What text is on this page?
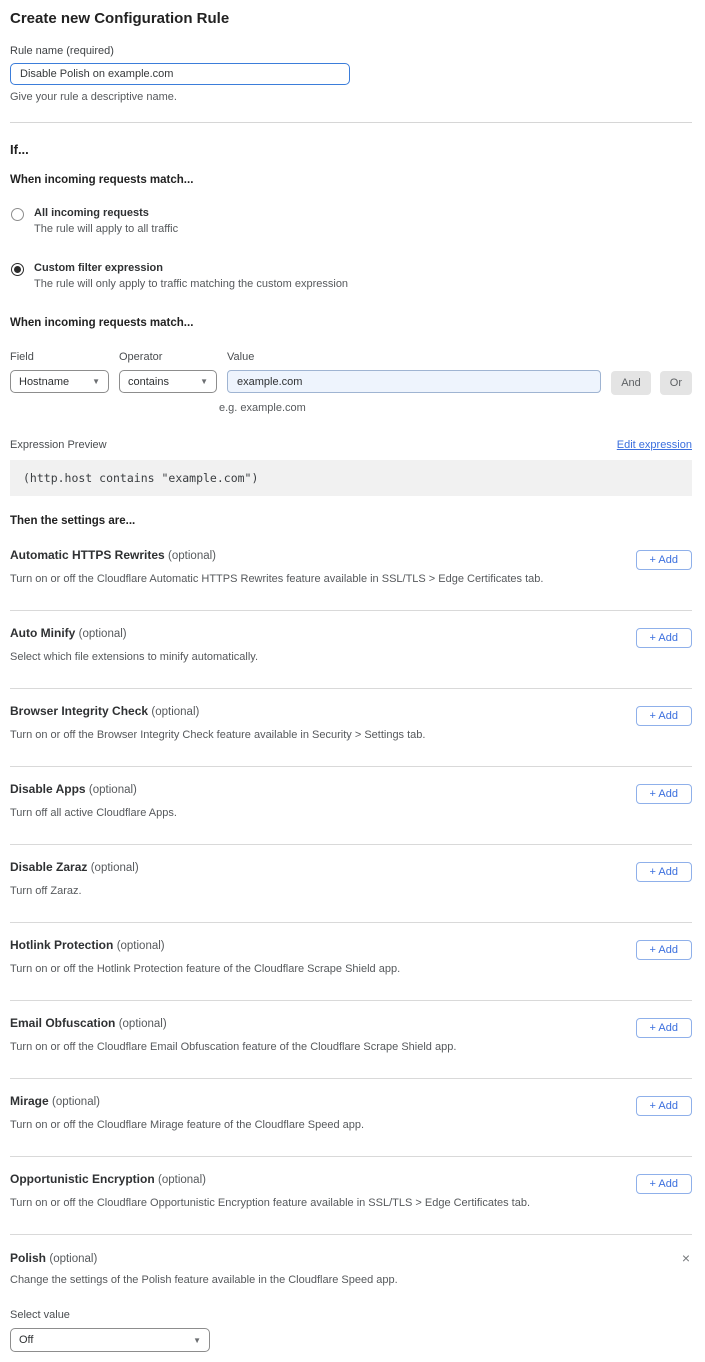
Create new Configuration Rule
Rule name (required)
Disable Polish on example.com
Give your rule a descriptive name.
If...
When incoming requests match...
All incoming requests
The rule will apply to all traffic
Custom filter expression
The rule will only apply to traffic matching the custom expression
When incoming requests match...
Field
Hostname	▼
Operator
contains	▼
Value
example.com
And	Or
e.g. example.com
Expression Preview	Edit expression
(http.host contains "example.com")
Then the settings are...
Automatic HTTPS Rewrites (optional)
Turn on or off the Cloudflare Automatic HTTPS Rewrites feature available in SSL/TLS > Edge Certificates tab.
+ Add
Auto Minify (optional)
Select which file extensions to minify automatically.
+ Add
Browser Integrity Check (optional)
Turn on or off the Browser Integrity Check feature available in Security > Settings tab.
+ Add
Disable Apps (optional)
Turn off all active Cloudflare Apps.
+ Add
Disable Zaraz (optional)
Turn off Zaraz.
+ Add
Hotlink Protection (optional)
Turn on or off the Hotlink Protection feature of the Cloudflare Scrape Shield app.
+ Add
Email Obfuscation (optional)
Turn on or off the Cloudflare Email Obfuscation feature of the Cloudflare Scrape Shield app.
+ Add
Mirage (optional)
Turn on or off the Cloudflare Mirage feature of the Cloudflare Speed app.
+ Add
Opportunistic Encryption (optional)
Turn on or off the Cloudflare Opportunistic Encryption feature available in SSL/TLS > Edge Certificates tab.
+ Add
Polish (optional)	×
Change the settings of the Polish feature available in the Cloudflare Speed app.
Select value
Off	▼
